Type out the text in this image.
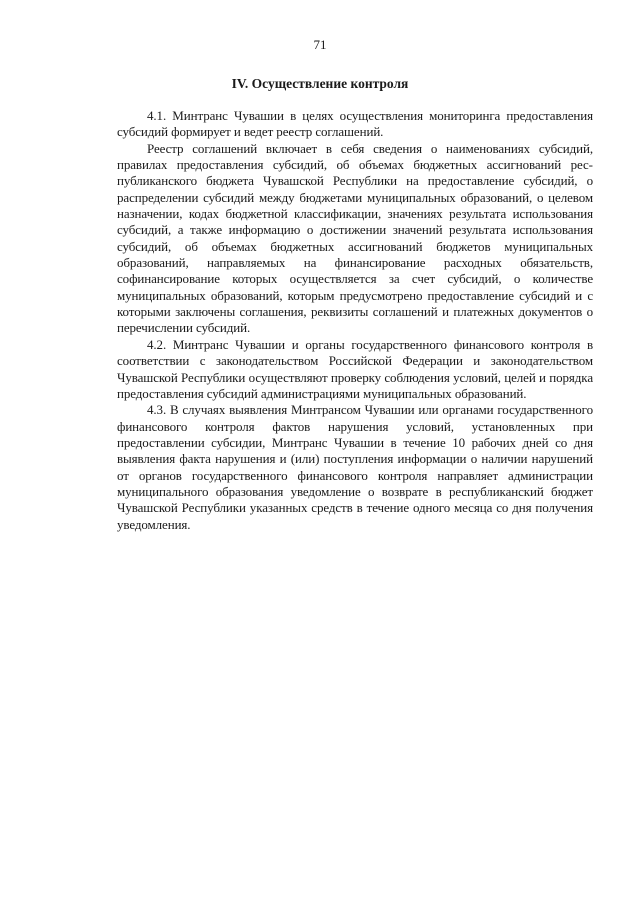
71
IV. Осуществление контроля

4.1. Минтранс Чувашии в целях осуществления мониторинга предоставления субсидий формирует и ведет реестр соглашений.

Реестр соглашений включает в себя сведения о наименованиях субсидий, правилах предоставления субсидий, об объемах бюджетных ассигнований республиканского бюджета Чувашской Республики на предоставление субсидий, о распределении субсидий между бюджетами муниципальных образований, о целевом назначении, кодах бюджетной классификации, значениях результата использования субсидий, а также информацию о достижении значений результата использования субсидий, об объемах бюджетных ассигнований бюджетов муниципальных образований, направляемых на финансирование расходных обязательств, софинансирование которых осуществляется за счет субсидий, о количестве муниципальных образований, которым предусмотрено предоставление субсидий и с которыми заключены соглашения, реквизиты соглашений и платежных документов о перечислении субсидий.

4.2. Минтранс Чувашии и органы государственного финансового контроля в соответствии с законодательством Российской Федерации и законодательством Чувашской Республики осуществляют проверку соблюдения условий, целей и порядка предоставления субсидий администрациями муниципальных образований.

4.3. В случаях выявления Минтрансом Чувашии или органами государственного финансового контроля фактов нарушения условий, установленных при предоставлении субсидии, Минтранс Чувашии в течение 10 рабочих дней со дня выявления факта нарушения и (или) поступления информации о наличии нарушений от органов государственного финансового контроля направляет администрации муниципального образования уведомление о возврате в республиканский бюджет Чувашской Республики указанных средств в течение одного месяца со дня получения уведомления.
